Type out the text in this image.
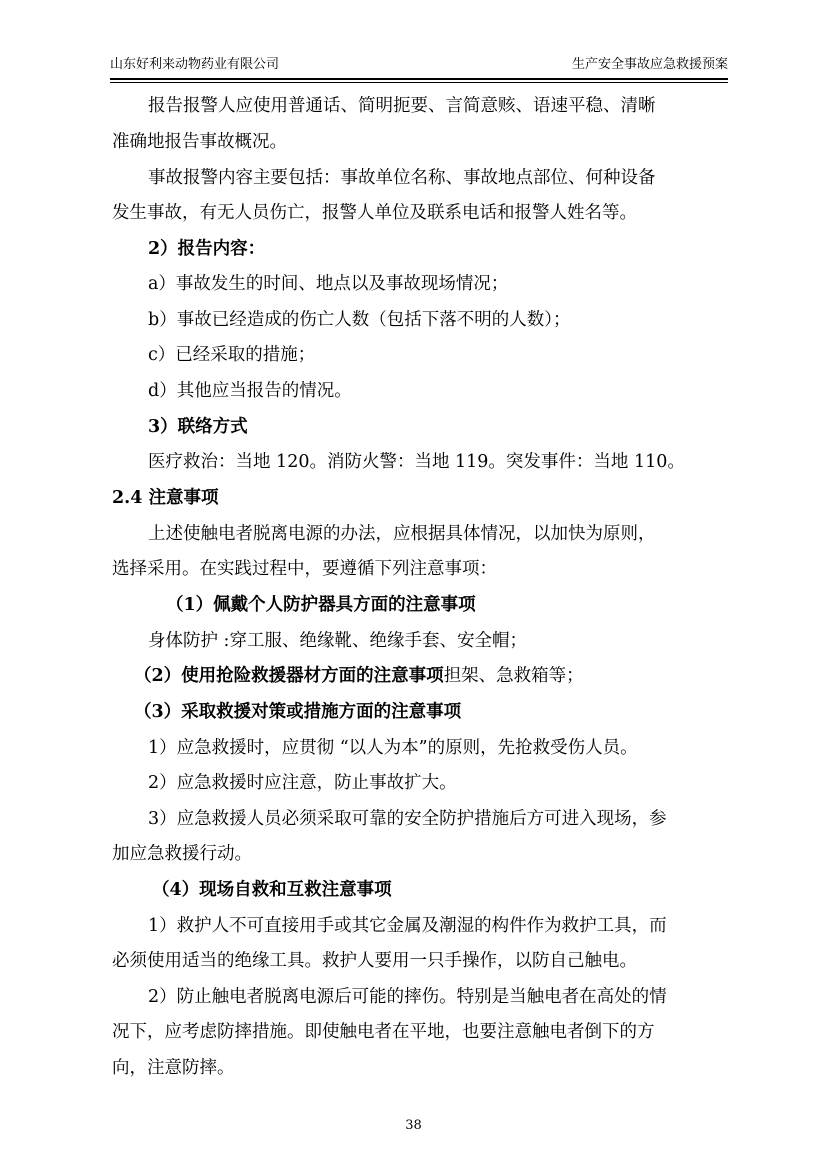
山东好利来动物药业有限公司	生产安全事故应急救援预案
报告报警人应使用普通话、简明扼要、言简意赅、语速平稳、清晰
准确地报告事故概况。
事故报警内容主要包括：事故单位名称、事故地点部位、何种设备
发生事故，有无人员伤亡，报警人单位及联系电话和报警人姓名等。
2）报告内容：
a）事故发生的时间、地点以及事故现场情况；
b）事故已经造成的伤亡人数（包括下落不明的人数）；
c）已经采取的措施；
d）其他应当报告的情况。
3）联络方式
医疗救治：当地 120。消防火警：当地 119。突发事件：当地 110。
2.4 注意事项
上述使触电者脱离电源的办法，应根据具体情况，以加快为原则，
选择采用。在实践过程中，要遵循下列注意事项：
（1）佩戴个人防护器具方面的注意事项
身体防护 :穿工服、绝缘靴、绝缘手套、安全帽；
（2）使用抢险救援器材方面的注意事项担架、急救箱等；
（3）采取救援对策或措施方面的注意事项
1）应急救援时，应贯彻 “以人为本”的原则，先抢救受伤人员。
2）应急救援时应注意，防止事故扩大。
3）应急救援人员必须采取可靠的安全防护措施后方可进入现场，参
加应急救援行动。
（4）现场自救和互救注意事项
1）救护人不可直接用手或其它金属及潮湿的构件作为救护工具，而
必须使用适当的绝缘工具。救护人要用一只手操作，以防自己触电。
2）防止触电者脱离电源后可能的摔伤。特别是当触电者在高处的情
况下，应考虑防摔措施。即使触电者在平地，也要注意触电者倒下的方
向，注意防摔。
38
